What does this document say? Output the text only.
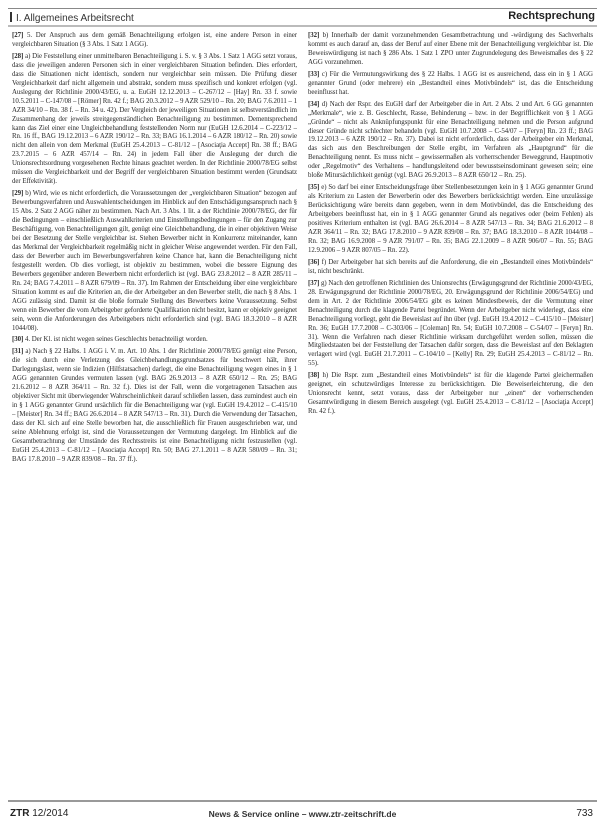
I. Allgemeines Arbeitsrecht	Rechtsprechung

[27] 5. Der Anspruch aus dem gemäß Benachteiligung erfolgen ist, eine andere Person in einer vergleichbaren Situation (§ 3 Abs. 1 Satz 1 AGG).

[28] a) Die Feststellung einer unmittelbaren Benachteiligung i. S. v. § 3 Abs. 1 Satz 1 AGG setzt voraus, dass die jeweiligen anderen Personen sich in einer vergleichbaren Situation befinden. Dies erfordert, dass die Situationen nicht identisch, sondern nur vergleichbar sein müssen. Die Prüfung dieser Vergleichbarkeit darf nicht allgemein und abstrakt, sondern muss spezifisch und konkret erfolgen (vgl. Auslegung der Richtlinie 2000/43/EG, u. a. EuGH 12.12.2013 – C-267/12 – [Hay] Rn. 33 f. sowie 10.5.2011 – C-147/08 – [Römer] Rn. 42 f.; BAG 20.3.2012 – 9 AZR 529/10 – Rn. 20; BAG 7.6.2011 – 1 AZR 34/10 – Rn. 38 f. – Rn. 34 u. 42). Der Vergleich der jeweiligen Situationen ist selbstverständlich im Zusammenhang der jeweils streitgegenständlichen Benachteiligung zu bestimmen. Dementsprechend kann das Ziel einer eine Ungleichbehandlung feststellenden Norm nur (EuGH 12.6.2014 – C-223/12 – Rn. 16 ff., BAG 19.12.2013 – 6 AZR 190/12 – Rn. 33; BAG 16.1.2014 – 6 AZR 180/12 – Rn. 20) sowie nicht den allein von dem Merkmal (EuGH 25.4.2013 – C-81/12 – [Asociaţia Accept] Rn. 38 ff.; BAG 23.7.2015 – 6 AZR 457/14 – Rn. 24) in jedem Fall über die Auslegung der durch die Unionsrechtsordnung vorgesehenen Rechte hinaus geachtet werden. In der Richtlinie 2000/78/EG selbst müssen die Vergleichbarkeit und der Begriff der vergleichbaren Situation bestimmt werden (Grundsatz der Effektivität).

[29] b) Wird, wie es nicht erforderlich, die Voraussetzungen der „vergleichbaren Situation“ bezogen auf Bewerbungsverfahren und Auswahlentscheidungen im Hinblick auf den Entschädigungsanspruch nach § 15 Abs. 2 Satz 2 AGG näher zu bestimmen. Nach Art. 3 Abs. 1 lit. a der Richtlinie 2000/78/EG, der für die Bedingungen – einschließlich Auswahlkriterien und Einstellungsbedingungen – für den Zugang zur Beschäftigung, von Benachteiligungen gilt, genügt eine Gleichbehandlung, die in einer objektiven Weise bei der Besetzung der Stelle vergleichbar ist. Stehen Bewerber nicht in Konkurrenz miteinander, kann das Merkmal der Vergleichbarkeit regelmäßig nicht in gleicher Weise angewendet werden. Für den Fall, dass der Bewerber auch im Bewerbungsverfahren keine Chance hat, kann die Benachteiligung nicht festgestellt werden. Ob dies vorliegt, ist objektiv zu bestimmen, wobei die bessere Eignung des Bewerbers gegenüber anderen Bewerbern nicht erforderlich ist (vgl. BAG 23.8.2012 – 8 AZR 285/11 – Rn. 24; BAG 7.4.2011 – 8 AZR 679/09 – Rn. 37). Im Rahmen der Entscheidung über eine vergleichbare Situation kommt es auf die Kriterien an, die der Arbeitgeber an den Bewerber stellt, die nach § 8 Abs. 1 AGG zulässig sind. Damit ist die bloße formale Stellung des Bewerbers keine Voraussetzung. Selbst wenn ein Bewerber die vom Arbeitgeber geforderte Qualifikation nicht besitzt, kann er objektiv geeignet sein, wenn die Anforderungen des Arbeitgebers nicht erforderlich sind (vgl. BAG 18.3.2010 – 8 AZR 1044/08).

[30] 4. Der Kl. ist nicht wegen seines Geschlechts benachteiligt worden.

[31] a) Nach § 22 Halbs. 1 AGG i. V. m. Art. 10 Abs. 1 der Richtlinie 2000/78/EG genügt eine Person, die sich durch eine Verletzung des Gleichbehandlungsgrundsatzes für beschwert hält, ihrer Darlegungslast, wenn sie Indizien (Hilfstatsachen) darlegt, die eine Benachteiligung wegen eines in § 1 AGG genannten Grundes vermuten lassen (vgl. BAG 26.9.2013 – 8 AZR 650/12 – Rn. 25; BAG 21.6.2012 – 8 AZR 364/11 – Rn. 32 f.). Dies ist der Fall, wenn die vorgetragenen Tatsachen aus objektiver Sicht mit überwiegender Wahrscheinlichkeit darauf schließen lassen, dass zumindest auch ein in § 1 AGG genannter Grund ursächlich für die Benachteiligung war (vgl. EuGH 19.4.2012 – C-415/10 – [Meister] Rn. 34 ff.; BAG 26.6.2014 – 8 AZR 547/13 – Rn. 31). Durch die Verwendung der Tatsachen, dass der Kl. sich auf eine Stelle beworben hat, die ausschließlich für Frauen ausgeschrieben war, und seine Ablehnung erfolgt ist, sind die Voraussetzungen der Vermutung dargelegt. Im Hinblick auf die Gesamtbetrachtung der Umstände des Rechtsstreits ist eine Benachteiligung nicht festzustellen (vgl. EuGH 25.4.2013 – C-81/12 – [Asociaţia Accept] Rn. 50; BAG 27.1.2011 – 8 AZR 580/09 – Rn. 31; BAG 17.8.2010 – 9 AZR 839/08 – Rn. 37 ff.).

[32] b) Innerhalb der damit vorzunehmenden Gesamtbetrachtung und -würdigung des Sachverhalts kommt es auch darauf an, dass der Beruf auf einer Ebene mit der Benachteiligung vergleichbar ist. Die Beweiswürdigung ist nach § 286 Abs. 1 Satz 1 ZPO unter Zugrundelegung des Beweismaßes des § 22 AGG vorzunehmen.

[33] c) Für die Vermutungswirkung des § 22 Halbs. 1 AGG ist es ausreichend, dass ein in § 1 AGG genannter Grund (oder mehrere) ein „Bestandteil eines Motivbündels“ ist, das die Entscheidung beeinflusst hat.

[34] d) Nach der Rspr. des EuGH darf der Arbeitgeber die in Art. 2 Abs. 2 und Art. 6 GG genannten „Merkmale“, wie z. B. Geschlecht, Rasse, Behinderung – bzw. in der Begrifflichkeit von § 1 AGG „Gründe“ – nicht als Anknüpfungspunkt für eine Benachteiligung nehmen und die Person aufgrund dieser Gründe nicht schlechter behandeln (vgl. EuGH 10.7.2008 – C-54/07 – [Feryn] Rn. 23 ff.; BAG 19.12.2013 – 6 AZR 190/12 – Rn. 37). Dabei ist nicht erforderlich, dass der Arbeitgeber ein Merkmal, das sich aus den Beschreibungen der Stelle ergibt, im Verfahren als „Hauptgrund“ für die Benachteiligung nennt. Es muss nicht – gewissermaßen als vorherrschender Beweggrund, Hauptmotiv oder „Regelmotiv“ des Verhaltens – handlungsleitend oder bewusstseinsdominant gewesen sein; eine bloße Mitursächlichkeit genügt (vgl. BAG 26.9.2013 – 8 AZR 650/12 – Rn. 25).

[35] e) So darf bei einer Entscheidungsfrage über Stellenbesetzungen kein in § 1 AGG genannter Grund als Kriterium zu Lasten der Bewerberin oder des Bewerbers berücksichtigt werden. Eine unzulässige Berücksichtigung wäre bereits dann gegeben, wenn in dem Motivbündel, das die Entscheidung des Arbeitgebers beeinflusst hat, ein in § 1 AGG genannter Grund als negatives oder (beim Fehlen) als positives Kriterium enthalten ist (vgl. BAG 26.6.2014 – 8 AZR 547/13 – Rn. 34; BAG 21.6.2012 – 8 AZR 364/11 – Rn. 32; BAG 17.8.2010 – 9 AZR 839/08 – Rn. 37; BAG 18.3.2010 – 8 AZR 1044/08 – Rn. 32; BAG 16.9.2008 – 9 AZR 791/07 – Rn. 35; BAG 22.1.2009 – 8 AZR 906/07 – Rn. 55; BAG 12.9.2006 – 9 AZR 807/05 – Rn. 22).

[36] f) Der Arbeitgeber hat sich bereits auf die Anforderung, die ein „Bestandteil eines Motivbündels“ ist, nicht beschränkt.

[37] g) Nach den getroffenen Richtlinien des Unionsrechts (Erwägungsgrund der Richtlinie 2000/43/EG, 28. Erwägungsgrund der Richtlinie 2000/78/EG, 20. Erwägungsgrund der Richtlinie 2006/54/EG) und dem in Art. 2 der Richtlinie 2006/54/EG gibt es keinen Mindestbeweis, der die Vermutung einer Benachteiligung durch die klagende Partei begründet. Wenn der Arbeitgeber nicht widerlegt, dass eine Benachteiligung vorliegt, geht die Beweislast auf ihn über (vgl. EuGH 19.4.2012 – C-415/10 – [Meister] Rn. 36; EuGH 17.7.2008 – C-303/06 – [Coleman] Rn. 54; EuGH 10.7.2008 – C-54/07 – [Feryn] Rn. 31). Wenn die Verfahren nach dieser Richtlinie wirksam durchgeführt werden sollen, müssen die Mitgliedstaaten bei der Feststellung der Tatsachen dafür sorgen, dass die Beweislast auf den Beklagten verlagert wird (vgl. EuGH 21.7.2011 – C-104/10 – [Kelly] Rn. 29; EuGH 25.4.2013 – C-81/12 – Rn. 55).

[38] h) Die Rspr. zum „Bestandteil eines Motivbündels“ ist für die klagende Partei gleichermaßen geeignet, ein schutzwürdiges Interesse zu berücksichtigen. Die Beweiserleichterung, die den Unionsrecht kennt, setzt voraus, dass der Arbeitgeber nur „einen“ der vorherrschenden Gesamtwürdigung in diesem Bereich ausgelegt (vgl. EuGH 25.4.2013 – C-81/12 – [Asociaţia Accept] Rn. 42 f.).

ZTR 12/2014	News & Service online – www.ztr-zeitschrift.de	733
